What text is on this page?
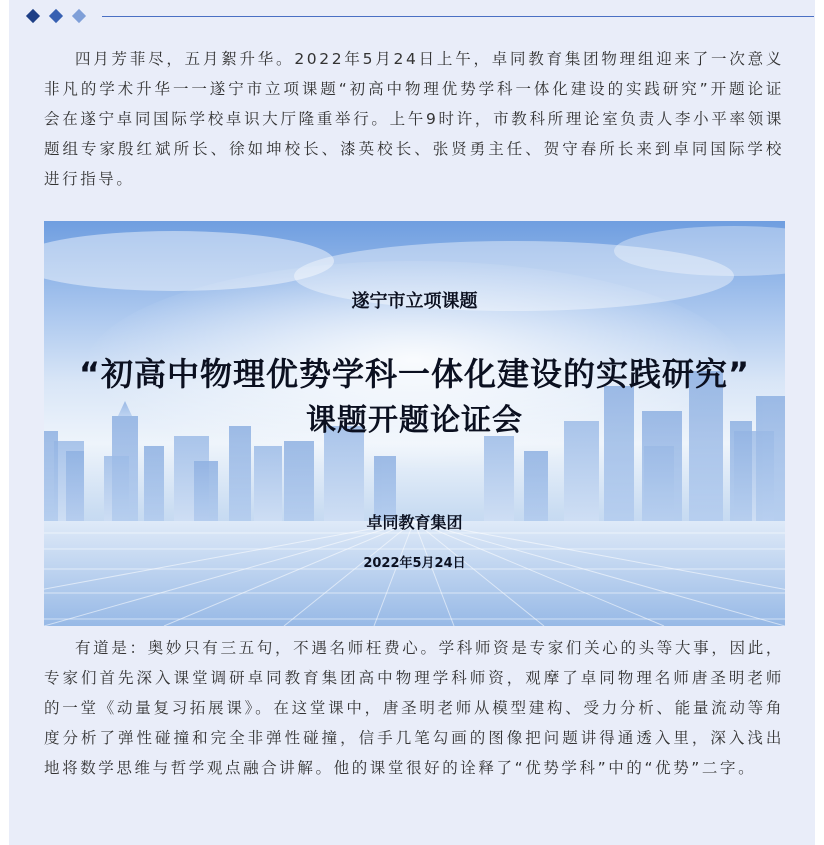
四月芳菲尽，五月絮升华。2022年5月24日上午，卓同教育集团物理组迎来了一次意义非凡的学术升华一一遂宁市立项课题“初高中物理优势学科一体化建设的实践研究”开题论证会在遂宁卓同国际学校卓识大厅隆重举行。上午9时许，市教科所理论室负责人李小平率领课题组专家殷红斌所长、徐如坤校长、漆英校长、张贤勇主任、贺守春所长来到卓同国际学校进行指导。

遂宁市立项课题
“初高中物理优势学科一体化建设的实践研究”
课题开题论证会
卓同教育集团
2022年5月24日

有道是：奥妙只有三五句，不遇名师枉费心。学科师资是专家们关心的头等大事，因此，专家们首先深入课堂调研卓同教育集团高中物理学科师资，观摩了卓同物理名师唐圣明老师的一堂《动量复习拓展课》。在这堂课中，唐圣明老师从模型建构、受力分析、能量流动等角度分析了弹性碰撞和完全非弹性碰撞，信手几笔勾画的图像把问题讲得通透入里，深入浅出地将数学思维与哲学观点融合讲解。他的课堂很好的诠释了“优势学科”中的“优势”二字。
